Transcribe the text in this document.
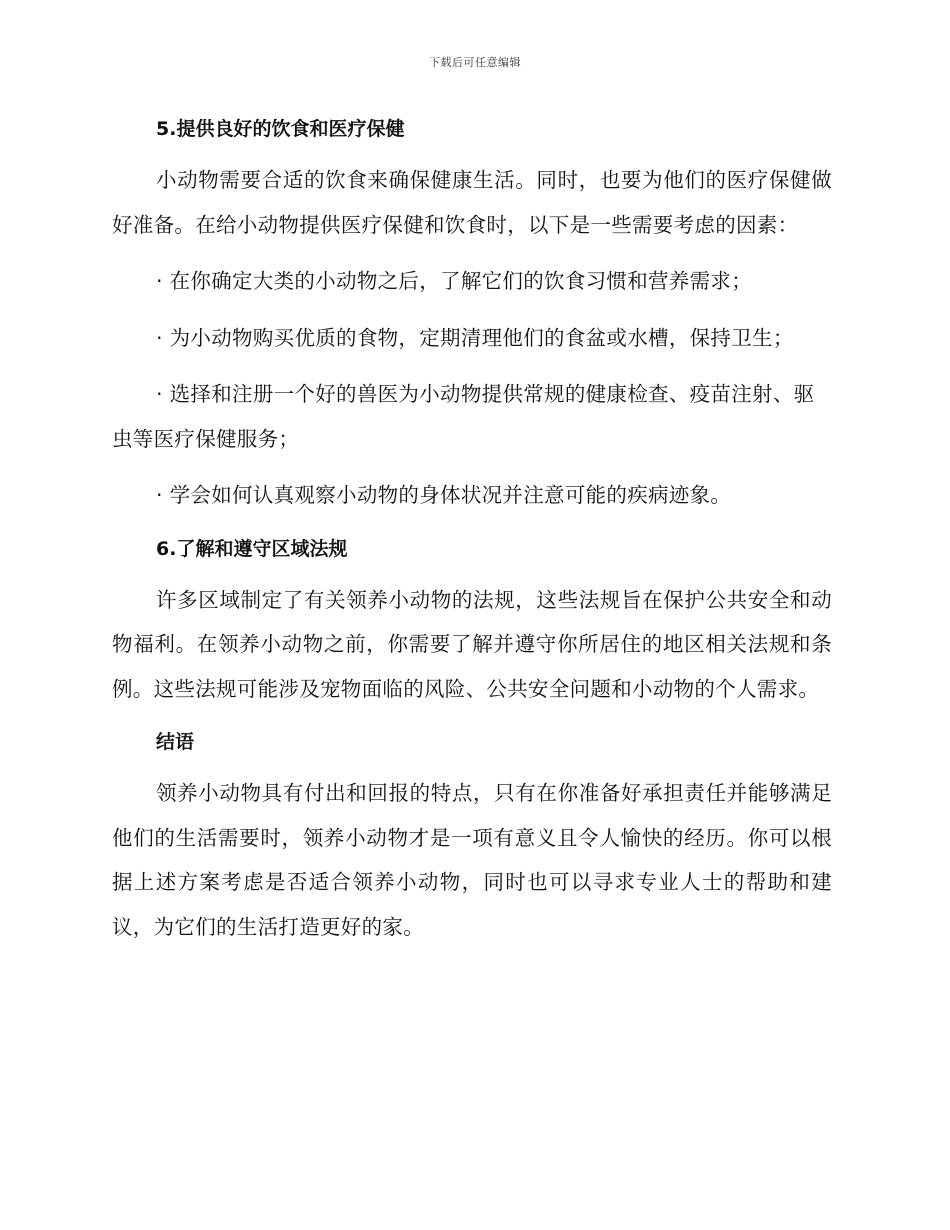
下载后可任意编辑
5.提供良好的饮食和医疗保健

小动物需要合适的饮食来确保健康生活。同时，也要为他们的医疗保健做好准备。在给小动物提供医疗保健和饮食时，以下是一些需要考虑的因素：

· 在你确定大类的小动物之后，了解它们的饮食习惯和营养需求；

· 为小动物购买优质的食物，定期清理他们的食盆或水槽，保持卫生；

· 选择和注册一个好的兽医为小动物提供常规的健康检查、疫苗注射、驱虫等医疗保健服务；

· 学会如何认真观察小动物的身体状况并注意可能的疾病迹象。

6.了解和遵守区域法规

许多区域制定了有关领养小动物的法规，这些法规旨在保护公共安全和动物福利。在领养小动物之前，你需要了解并遵守你所居住的地区相关法规和条例。这些法规可能涉及宠物面临的风险、公共安全问题和小动物的个人需求。

结语

领养小动物具有付出和回报的特点，只有在你准备好承担责任并能够满足他们的生活需要时，领养小动物才是一项有意义且令人愉快的经历。你可以根据上述方案考虑是否适合领养小动物，同时也可以寻求专业人士的帮助和建议，为它们的生活打造更好的家。
